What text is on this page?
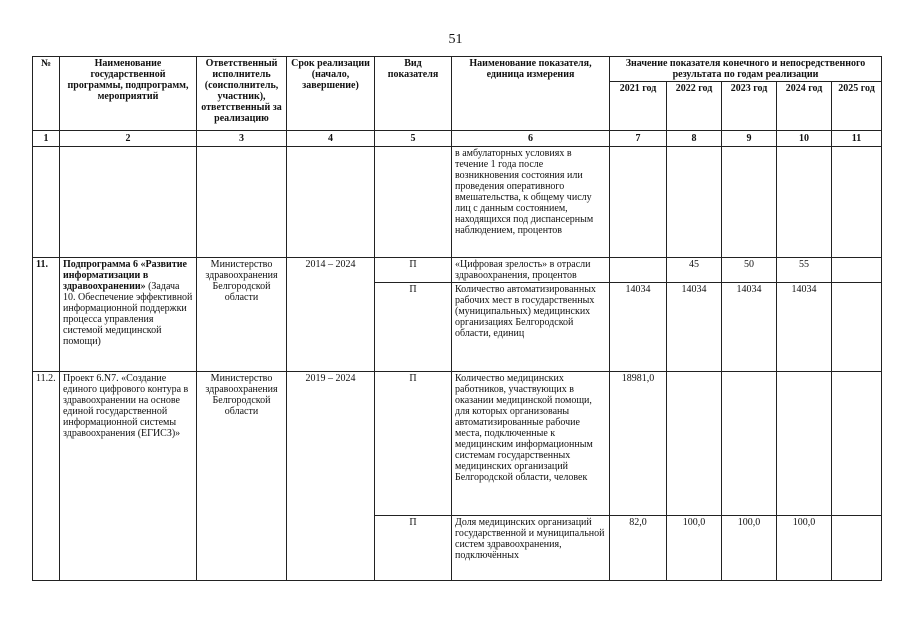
51
№	Наименование государственной программы, подпрограмм, мероприятий	Ответственный исполнитель (соисполнитель, участник), ответственный за реализацию	Срок реализации (начало, завершение)	Вид показателя	Наименование показателя, единица измерения	Значение показателя конечного и непосредственного результата по годам реализации				
						2021 год	2022 год	2023 год	2024 год	2025 год
1	2	3	4	5	6	7	8	9	10	11
					в амбулаторных условиях в течение 1 года после возникновения состояния или проведения оперативного вмешательства, к общему числу лиц с данным состоянием, находящихся под диспансерным наблюдением, процентов					
11.	Подпрограмма 6 «Развитие информатизации в здравоохранении» (Задача 10. Обеспечение эффективной информационной поддержки процесса управления системой медицинской помощи)	Министерство здравоохранения Белгородской области	2014 – 2024	П	«Цифровая зрелость» в отрасли здравоохранения, процентов		45	50	55	
				П	Количество автоматизированных рабочих мест в государственных (муниципальных) медицинских организациях Белгородской области, единиц	14034	14034	14034	14034	
11.2.	Проект 6.N7. «Создание единого цифрового контура в здравоохранении на основе единой государственной информационной системы здравоохранения (ЕГИСЗ)»	Министерство здравоохранения Белгородской области	2019 – 2024	П	Количество медицинских работников, участвующих в оказании медицинской помощи, для которых организованы автоматизированные рабочие места, подключенные к медицинским информационным системам государственных медицинских организаций Белгородской области, человек	18981,0				
				П	Доля медицинских организаций государственной и муниципальной систем здравоохранения, подключённых	82,0	100,0	100,0	100,0	
